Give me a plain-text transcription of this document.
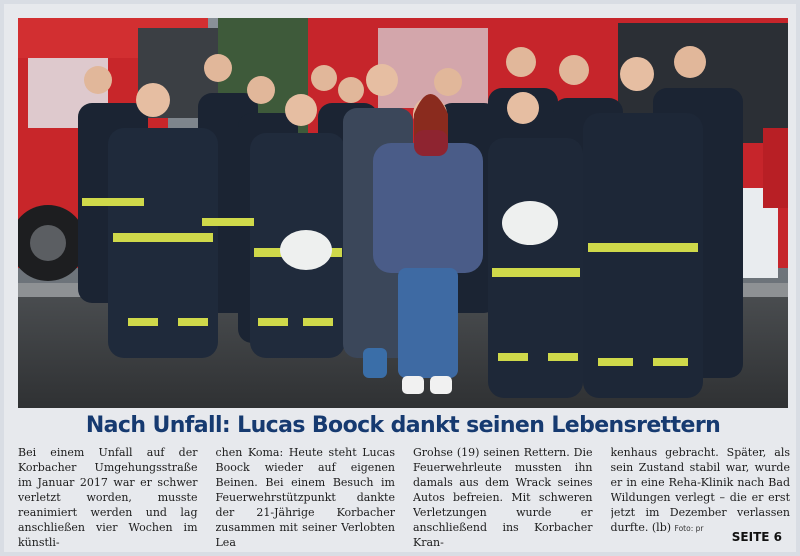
Nach Unfall: Lucas Boock dankt seinen Lebensrettern
Bei einem Unfall auf der Korbacher Umgehungsstraße im Januar 2017 war er schwer verletzt worden, musste reanimiert werden und lag anschließen vier Wochen im künstli-
chen Koma: Heute steht Lucas Boock wieder auf eigenen Beinen. Bei einem Besuch im Feuerwehrstützpunkt dankte der 21-Jährige Korbacher zusammen mit seiner Verlobten Lea
Grohse (19) seinen Rettern. Die Feuerwehrleute mussten ihn damals aus dem Wrack seines Autos befreien. Mit schweren Verletzungen wurde er anschließend ins Korbacher Kran-
kenhaus gebracht. Später, als sein Zustand stabil war, wurde er in eine Reha-Klinik nach Bad Wildungen verlegt – die er erst jetzt im Dezember verlassen durfte. (lb) Foto: pr
SEITE 6
